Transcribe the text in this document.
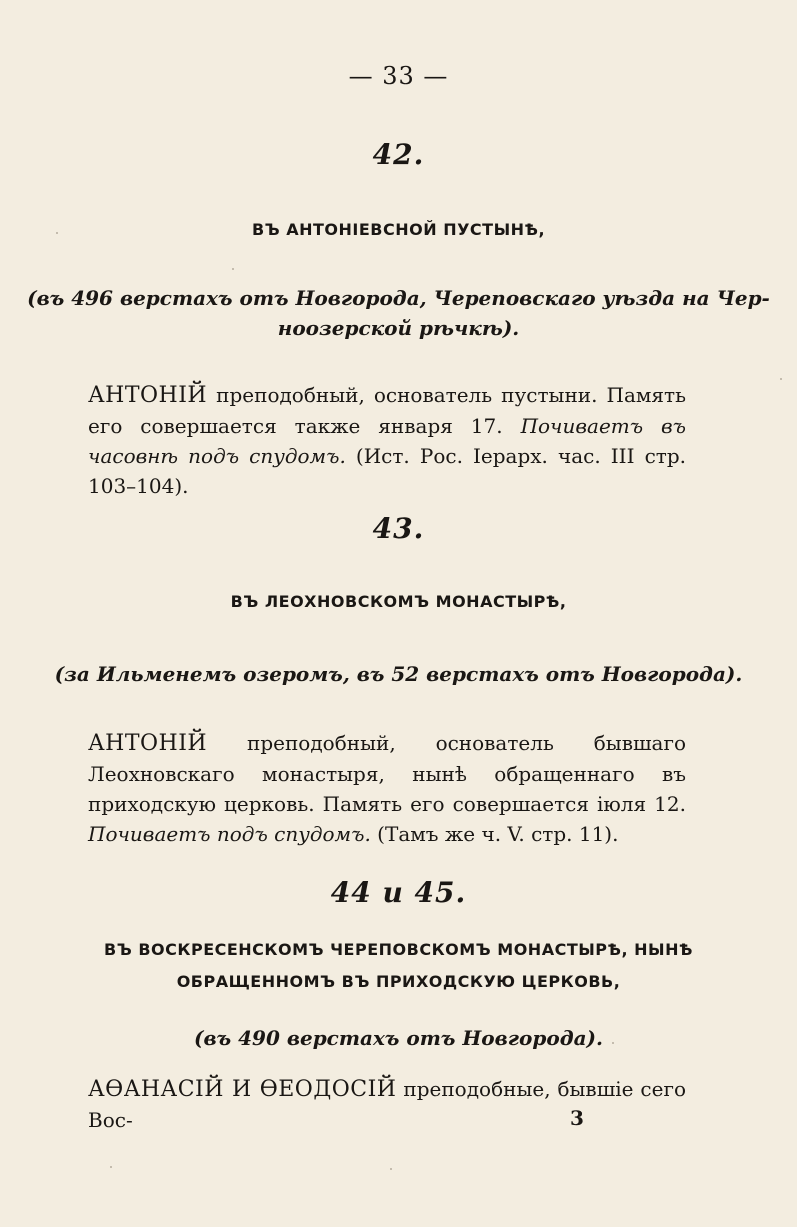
— 33 —
42.
ВЪ АНТОНІЕВСНОЙ ПУСТЫНѢ,
(въ 496 верстахъ отъ Новгорода, Череповскаго уѣзда на Чер-
ноозерской рѣчкѣ).
АНТОНІЙ преподобный, основатель пустыни. Память его совершается также января 17. Почиваетъ въ часовнѣ подъ спудомъ. (Ист. Рос. Іерарх. час. III стр. 103–104).
43.
ВЪ ЛЕОХНОВСКОМЪ МОНАСТЫРѢ,
(за Ильменемъ озеромъ, въ 52 верстахъ отъ Новгорода).
АНТОНІЙ преподобный, основатель бывшаго Леохновскаго монастыря, нынѣ обращеннаго въ приходскую церковь. Память его совершается іюля 12. Почиваетъ подъ спудомъ. (Тамъ же ч. V. стр. 11).
44 и 45.
ВЪ ВОСКРЕСЕНСКОМЪ ЧЕРЕПОВСКОМЪ МОНАСТЫРѢ, НЫНѢ
ОБРАЩЕННОМЪ ВЪ ПРИХОДСКУЮ ЦЕРКОВЬ,
(въ 490 верстахъ отъ Новгорода).
АѲАНАСІЙ И ѲЕОДОСІЙ преподобные, бывшіе сего Вос-	3
